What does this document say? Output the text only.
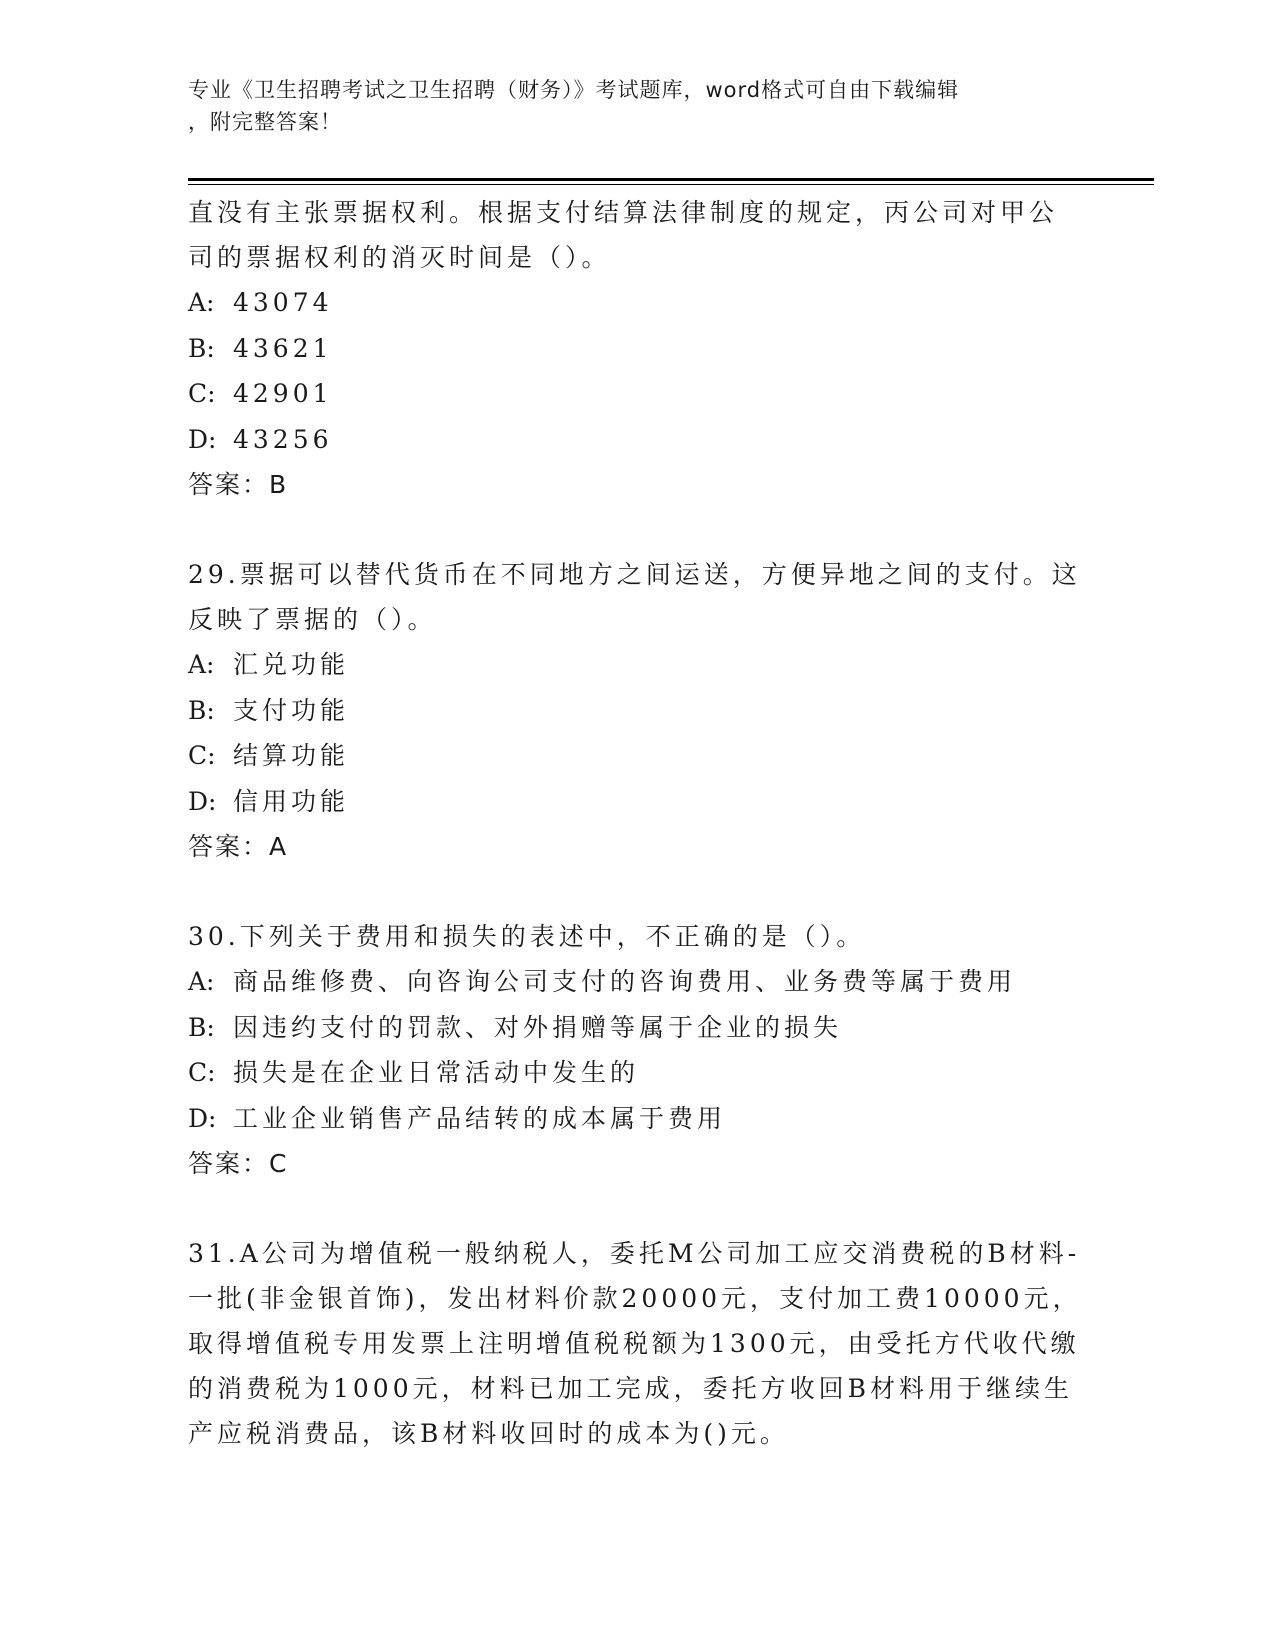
专业《卫生招聘考试之卫生招聘（财务）》考试题库，word格式可自由下载编辑
，附完整答案！

直没有主张票据权利。根据支付结算法律制度的规定，丙公司对甲公

司的票据权利的消灭时间是（）。

A: 43074

B: 43621

C: 42901

D: 43256

答案：B

29.票据可以替代货币在不同地方之间运送，方便异地之间的支付。这

反映了票据的（）。

A: 汇兑功能

B: 支付功能

C: 结算功能

D: 信用功能

答案：A

30.下列关于费用和损失的表述中，不正确的是（）。

A: 商品维修费、向咨询公司支付的咨询费用、业务费等属于费用

B: 因违约支付的罚款、对外捐赠等属于企业的损失

C: 损失是在企业日常活动中发生的

D: 工业企业销售产品结转的成本属于费用

答案：C

31.A公司为增值税一般纳税人，委托M公司加工应交消费税的B材料-

一批(非金银首饰)，发出材料价款20000元，支付加工费10000元，

取得增值税专用发票上注明增值税税额为1300元，由受托方代收代缴

的消费税为1000元，材料已加工完成，委托方收回B材料用于继续生

产应税消费品，该B材料收回时的成本为()元。
